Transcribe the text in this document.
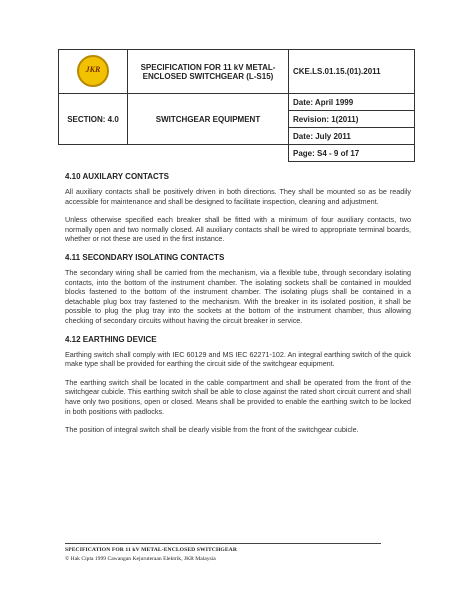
JKR	SPECIFICATION FOR 11 kV METAL-ENCLOSED SWITCHGEAR (L-S15)	CKE.LS.01.15.(01).2011

SECTION: 4.0	SWITCHGEAR EQUIPMENT	Date: April 1999
		Revision: 1(2011)
		Date: July 2011
		Page: S4 - 9 of 17
4.10 AUXILARY CONTACTS

All auxiliary contacts shall be positively driven in both directions. They shall be mounted so as be readily accessible for maintenance and shall be designed to facilitate inspection, cleaning and adjustment.

Unless otherwise specified each breaker shall be fitted with a minimum of four auxiliary contacts, two normally open and two normally closed. All auxiliary contacts shall be wired to appropriate terminal boards, whether or not these are used in the first instance.

4.11 SECONDARY ISOLATING CONTACTS

The secondary wiring shall be carried from the mechanism, via a flexible tube, through secondary isolating contacts, into the bottom of the instrument chamber. The isolating sockets shall be contained in moulded blocks fastened to the bottom of the instrument chamber. The isolating plugs shall be contained in a detachable plug box tray fastened to the mechanism. With the breaker in its isolated position, it shall be possible to plug the plug tray into the sockets at the bottom of the instrument chamber, thus allowing checking of secondary circuits without having the circuit breaker in service.

4.12 EARTHING DEVICE

Earthing switch shall comply with IEC 60129 and MS IEC 62271-102. An integral earthing switch of the quick make type shall be provided for earthing the circuit side of the switchgear equipment.

The earthing switch shall be located in the cable compartment and shall be operated from the front of the switchgear cubicle. This earthing switch shall be able to close against the rated short circuit current and shall have only two positions, open or closed. Means shall be provided to enable the earthing switch to be locked in both positions with padlocks.

The position of integral switch shall be clearly visible from the front of the switchgear cubicle.

SPECIFICATION FOR 11 kV METAL-ENCLOSED SWITCHGEAR
© Hak Cipta 1999 Cawangan Kejuruteraan Elektrik, JKR Malaysia
